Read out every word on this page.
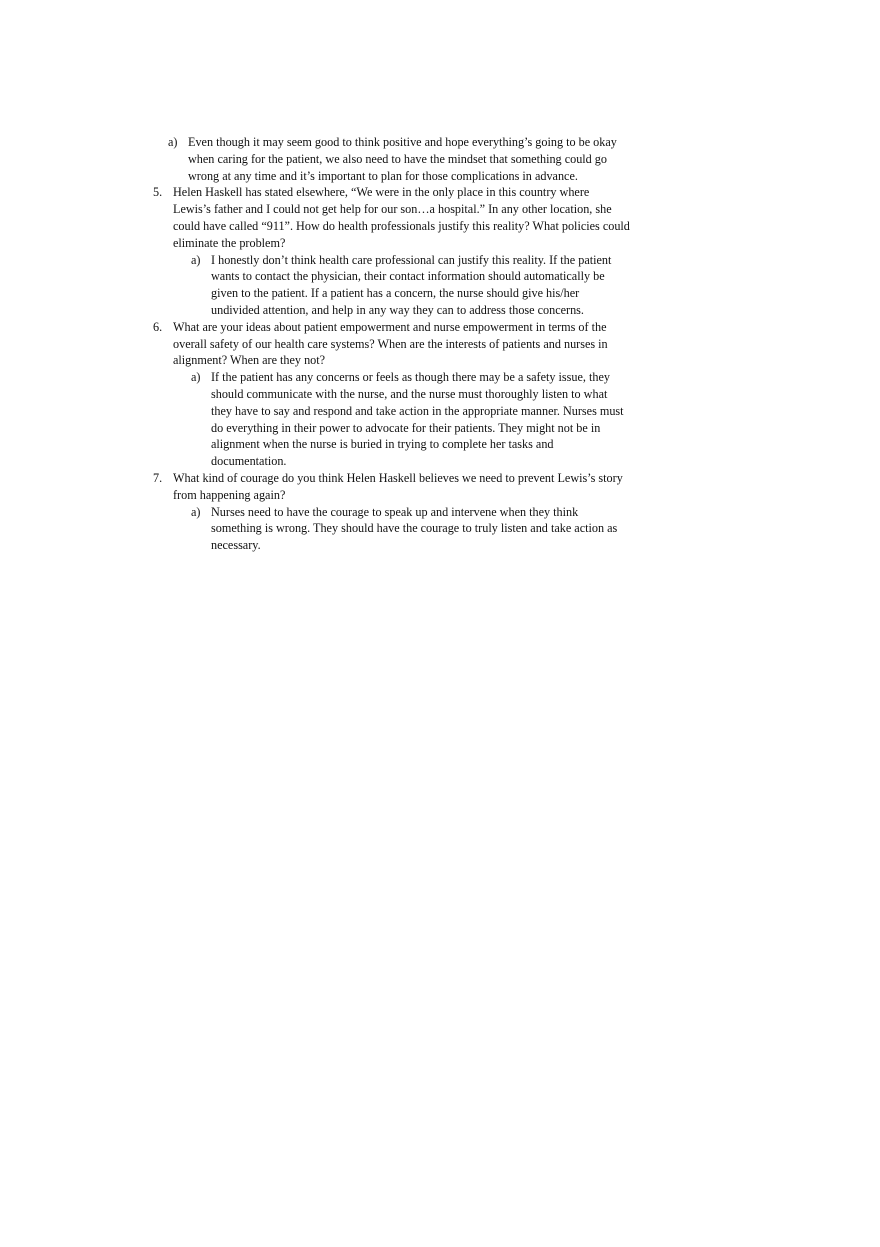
a) Even though it may seem good to think positive and hope everything’s going to be okay when caring for the patient, we also need to have the mindset that something could go wrong at any time and it’s important to plan for those complications in advance.

5. Helen Haskell has stated elsewhere, “We were in the only place in this country where Lewis’s father and I could not get help for our son…a hospital.” In any other location, she could have called “911”. How do health professionals justify this reality? What policies could eliminate the problem?

a) I honestly don’t think health care professional can justify this reality. If the patient wants to contact the physician, their contact information should automatically be given to the patient. If a patient has a concern, the nurse should give his/her undivided attention, and help in any way they can to address those concerns.

6. What are your ideas about patient empowerment and nurse empowerment in terms of the overall safety of our health care systems? When are the interests of patients and nurses in alignment? When are they not?

a) If the patient has any concerns or feels as though there may be a safety issue, they should communicate with the nurse, and the nurse must thoroughly listen to what they have to say and respond and take action in the appropriate manner. Nurses must do everything in their power to advocate for their patients. They might not be in alignment when the nurse is buried in trying to complete her tasks and documentation.

7. What kind of courage do you think Helen Haskell believes we need to prevent Lewis’s story from happening again?

a) Nurses need to have the courage to speak up and intervene when they think something is wrong. They should have the courage to truly listen and take action as necessary.
